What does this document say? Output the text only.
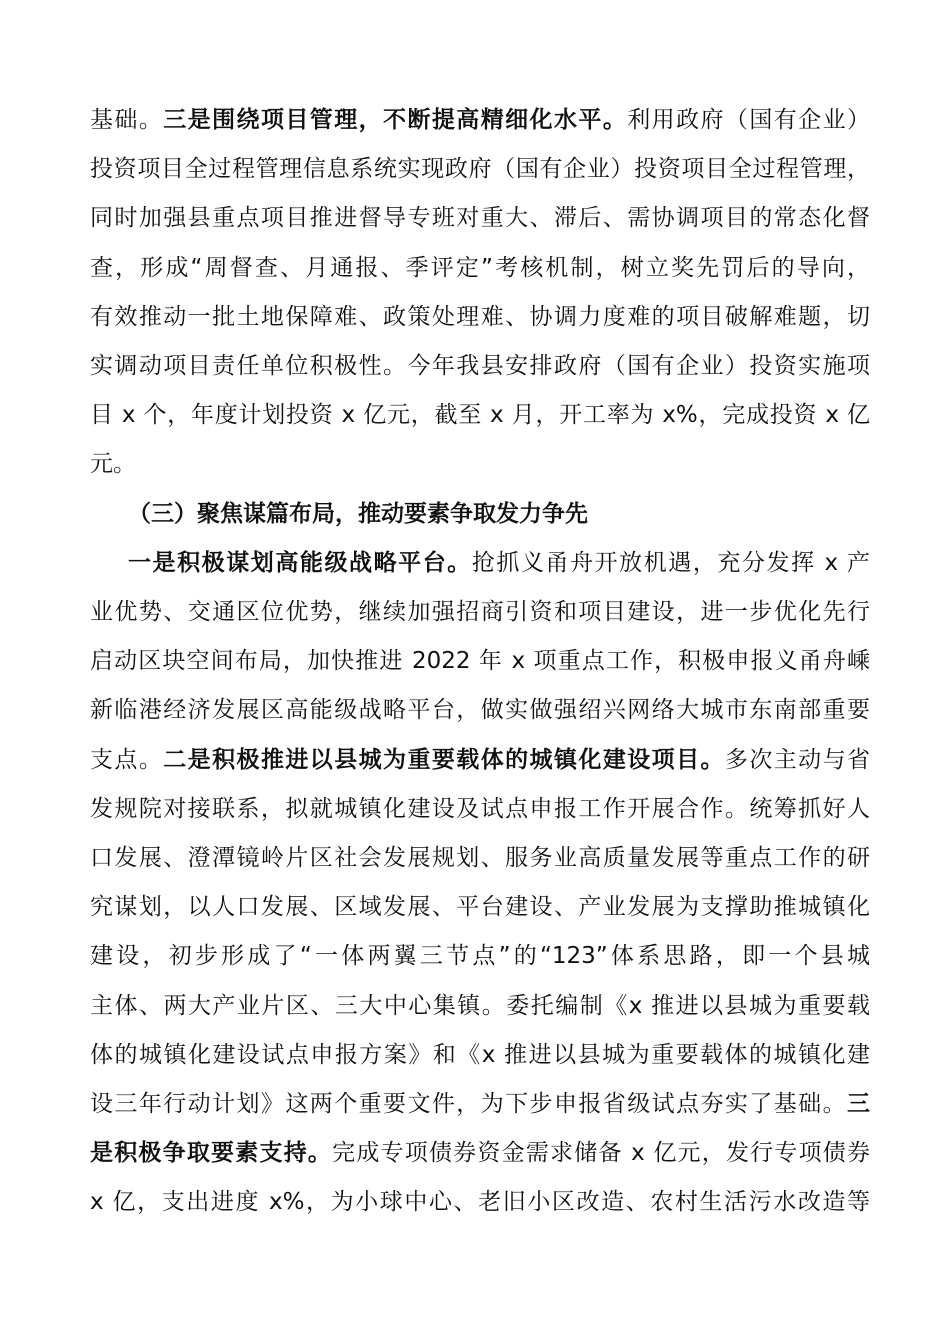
基础。三是围绕项目管理，不断提高精细化水平。利用政府（国有企业）
投资项目全过程管理信息系统实现政府（国有企业）投资项目全过程管理，
同时加强县重点项目推进督导专班对重大、滞后、需协调项目的常态化督
查，形成“周督查、月通报、季评定”考核机制，树立奖先罚后的导向，
有效推动一批土地保障难、政策处理难、协调力度难的项目破解难题，切
实调动项目责任单位积极性。今年我县安排政府（国有企业）投资实施项
目 x 个，年度计划投资 x 亿元，截至 x 月，开工率为 x%，完成投资 x 亿
元。
（三）聚焦谋篇布局，推动要素争取发力争先
一是积极谋划高能级战略平台。抢抓义甬舟开放机遇，充分发挥 x 产
业优势、交通区位优势，继续加强招商引资和项目建设，进一步优化先行
启动区块空间布局，加快推进 2022 年 x 项重点工作，积极申报义甬舟嵊
新临港经济发展区高能级战略平台，做实做强绍兴网络大城市东南部重要
支点。二是积极推进以县城为重要载体的城镇化建设项目。多次主动与省
发规院对接联系，拟就城镇化建设及试点申报工作开展合作。统筹抓好人
口发展、澄潭镜岭片区社会发展规划、服务业高质量发展等重点工作的研
究谋划，以人口发展、区域发展、平台建设、产业发展为支撑助推城镇化
建设，初步形成了“一体两翼三节点”的“123”体系思路，即一个县城
主体、两大产业片区、三大中心集镇。委托编制《x 推进以县城为重要载
体的城镇化建设试点申报方案》和《x 推进以县城为重要载体的城镇化建
设三年行动计划》这两个重要文件，为下步申报省级试点夯实了基础。三
是积极争取要素支持。完成专项债券资金需求储备 x 亿元，发行专项债券
x 亿，支出进度 x%，为小球中心、老旧小区改造、农村生活污水改造等
